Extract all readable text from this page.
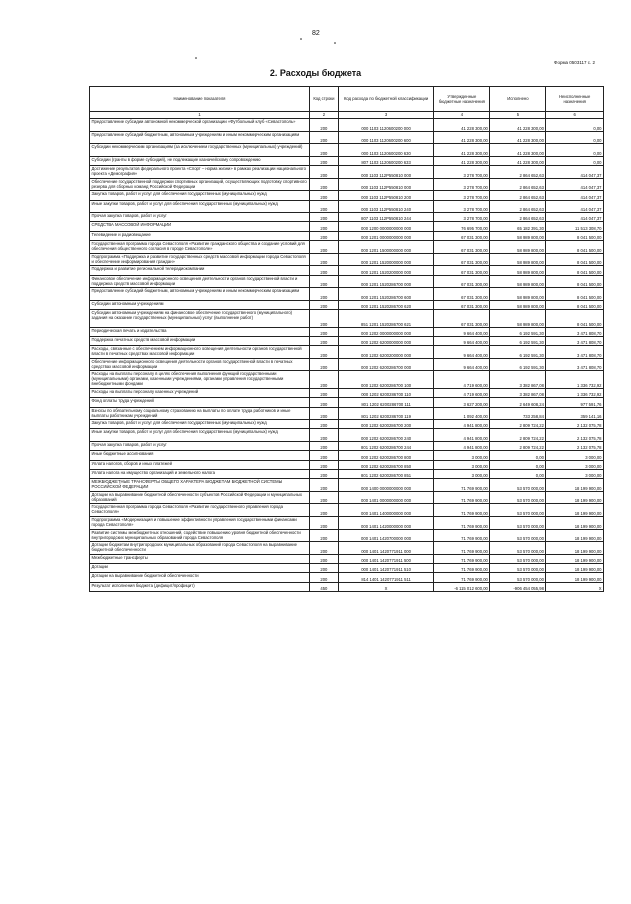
82
Форма 0503117 с. 2
2. Расходы бюджета
Наименование показателя	Код строки	Код расхода по бюджетной классификации	Утвержденные бюджетные назначения	Исполнено	Неисполненные назначения
1	2	3	4	5	6
Предоставление субсидии автономной некоммерческой организации «Футбольный клуб «Севастополь»	200	000 1103 1120600200 000	41 228 300,00	41 228 300,00	0,00
Предоставление субсидий бюджетным, автономным учреждениям и иным некоммерческим организациям	200	000 1103 1120600200 600	41 228 300,00	41 228 300,00	0,00
Субсидии некоммерческим организациям (за исключением государственных (муниципальных) учреждений)	200	000 1103 1120600200 630	41 228 300,00	41 228 300,00	0,00
Субсидии (гранты в форме субсидий), не подлежащие казначейскому сопровождению	200	807 1103 1120600200 633	41 228 300,00	41 228 300,00	0,00
Достижение результатов федерального проекта «Спорт – норма жизни» в рамках реализации национального проекта «Демография»	200	000 1103 112P550810 000	3 278 700,00	2 864 652,63	414 047,37
Обеспечение государственной поддержки спортивных организаций, осуществляющих подготовку спортивного резерва для сборных команд Российской Федерации	200	000 1103 112P550810 000	3 278 700,00	2 864 652,63	414 047,37
Закупка товаров, работ и услуг для обеспечения государственных (муниципальных) нужд	200	000 1103 112P550810 200	3 278 700,00	2 864 652,63	414 047,37
Иные закупки товаров, работ и услуг для обеспечения государственных (муниципальных) нужд	200	000 1103 112P550810 240	3 278 700,00	2 864 652,63	414 047,37
Прочая закупка товаров, работ и услуг	200	807 1103 112P550810 244	3 278 700,00	2 864 652,63	414 047,37
СРЕДСТВА МАССОВОЙ ИНФОРМАЦИИ	200	000 1200 0000000000 000	76 695 700,00	65 182 391,30	11 513 308,70
Телевидение и радиовещание	200	000 1201 0000000000 000	67 031 300,00	58 989 800,00	8 041 500,00
Государственная программа города Севастополя «Развитие гражданского общества и создание условий для обеспечения общественного согласия в городе Севастополе»	200	000 1201 1500000000 000	67 031 300,00	58 989 800,00	8 041 500,00
Подпрограмма «Поддержка и развитие государственных средств массовой информации города Севастополя и обеспечение информирования граждан»	200	000 1201 1520000000 000	67 031 300,00	58 989 800,00	8 041 500,00
Поддержка и развитие региональной телерадиокомпании	200	000 1201 1520200000 000	67 031 300,00	58 989 800,00	8 041 500,00
Финансовое обеспечение информационного освещения деятельности органов государственной власти и поддержка средств массовой информации	200	000 1201 1520286700 000	67 031 300,00	58 989 800,00	8 041 500,00
Предоставление субсидий бюджетным, автономным учреждениям и иным некоммерческим организациям	200	000 1201 1520286700 600	67 031 300,00	58 989 800,00	8 041 500,00
Субсидии автономным учреждениям	200	000 1201 1520286700 620	67 031 300,00	58 989 800,00	8 041 500,00
Субсидии автономным учреждениям на финансовое обеспечение государственного (муниципального) задания на оказание государственных (муниципальных) услуг (выполнение работ)	200	851 1201 1520286700 621	67 031 300,00	58 989 800,00	8 041 500,00
Периодическая печать и издательства	200	000 1202 0000000000 000	9 664 400,00	6 192 591,30	3 471 808,70
Поддержка печатных средств массовой информации	200	000 1202 6200000000 000	9 664 400,00	6 192 591,30	3 471 808,70
Расходы, связанные с обеспечением информационного освещения деятельности органов государственной власти в печатных средствах массовой информации	200	000 1202 6200200000 000	9 664 400,00	6 192 591,30	3 471 808,70
Обеспечение информационного освещения деятельности органов государственной власти в печатных средствах массовой информации	200	000 1202 6200286700 000	9 664 400,00	6 192 591,30	3 471 808,70
Расходы на выплаты персоналу в целях обеспечения выполнения функций государственными (муниципальными) органами, казенными учреждениями, органами управления государственными внебюджетными фондами	200	000 1202 6200286700 100	4 719 600,00	3 382 867,08	1 336 732,92
Расходы на выплаты персоналу казенных учреждений	200	000 1202 6200286700 110	4 719 600,00	3 382 867,08	1 336 732,92
Фонд оплаты труда учреждений	200	801 1202 6200286700 111	3 627 200,00	2 649 608,24	977 591,76
Взносы по обязательному социальному страхованию на выплаты по оплате труда работников и иные выплаты работникам учреждений	200	801 1202 6200286700 119	1 092 400,00	733 258,84	359 141,16
Закупка товаров, работ и услуг для обеспечения государственных (муниципальных) нужд	200	000 1202 6200286700 200	4 941 800,00	2 809 724,22	2 132 075,78
Иные закупки товаров, работ и услуг для обеспечения государственных (муниципальных) нужд	200	000 1202 6200286700 240	4 941 800,00	2 809 724,22	2 132 075,78
Прочая закупка товаров, работ и услуг	200	801 1202 6200286700 244	4 941 800,00	2 809 724,22	2 132 075,78
Иные бюджетные ассигнования	200	000 1202 6200286700 800	3 000,00	0,00	3 000,00
Уплата налогов, сборов и иных платежей	200	000 1202 6200286700 850	3 000,00	0,00	3 000,00
Уплата налога на имущество организаций и земельного налога	200	801 1202 6200286700 851	3 000,00	0,00	3 000,00
МЕЖБЮДЖЕТНЫЕ ТРАНСФЕРТЫ ОБЩЕГО ХАРАКТЕРА БЮДЖЕТАМ БЮДЖЕТНОЙ СИСТЕМЫ РОССИЙСКОЙ ФЕДЕРАЦИИ	200	000 1400 0000000000 000	71 769 900,00	53 570 000,00	18 199 900,00
Дотации на выравнивание бюджетной обеспеченности субъектов Российской Федерации и муниципальных образований	200	000 1401 0000000000 000	71 769 900,00	53 570 000,00	18 199 900,00
Государственная программа города Севастополя «Развитие государственного управления города Севастополя»	200	000 1401 1400000000 000	71 769 900,00	53 570 000,00	18 199 900,00
Подпрограмма «Модернизация и повышение эффективности управления государственными финансами города Севастополя»	200	000 1401 1420000000 000	71 769 900,00	53 570 000,00	18 199 900,00
Развитие системы межбюджетных отношений, содействие повышению уровня бюджетной обеспеченности внутригородских муниципальных образований города Севастополя	200	000 1401 1420700000 000	71 769 900,00	53 570 000,00	18 199 900,00
Дотации бюджетам внутригородских муниципальных образований города Севастополя на выравнивание бюджетной обеспеченности	200	000 1401 1420771911 000	71 769 900,00	53 570 000,00	18 199 900,00
Межбюджетные трансферты	200	000 1401 1420771911 500	71 769 900,00	53 570 000,00	18 199 900,00
Дотации	200	000 1401 1420771911 510	71 769 900,00	53 570 000,00	18 199 900,00
Дотации на выравнивание бюджетной обеспеченности	200	814 1401 1420771911 511	71 769 900,00	53 570 000,00	18 199 900,00
Результат исполнения бюджета (дефицит/профицит)	450	X	-6 115 012 600,00	-906 454 055,98	X
